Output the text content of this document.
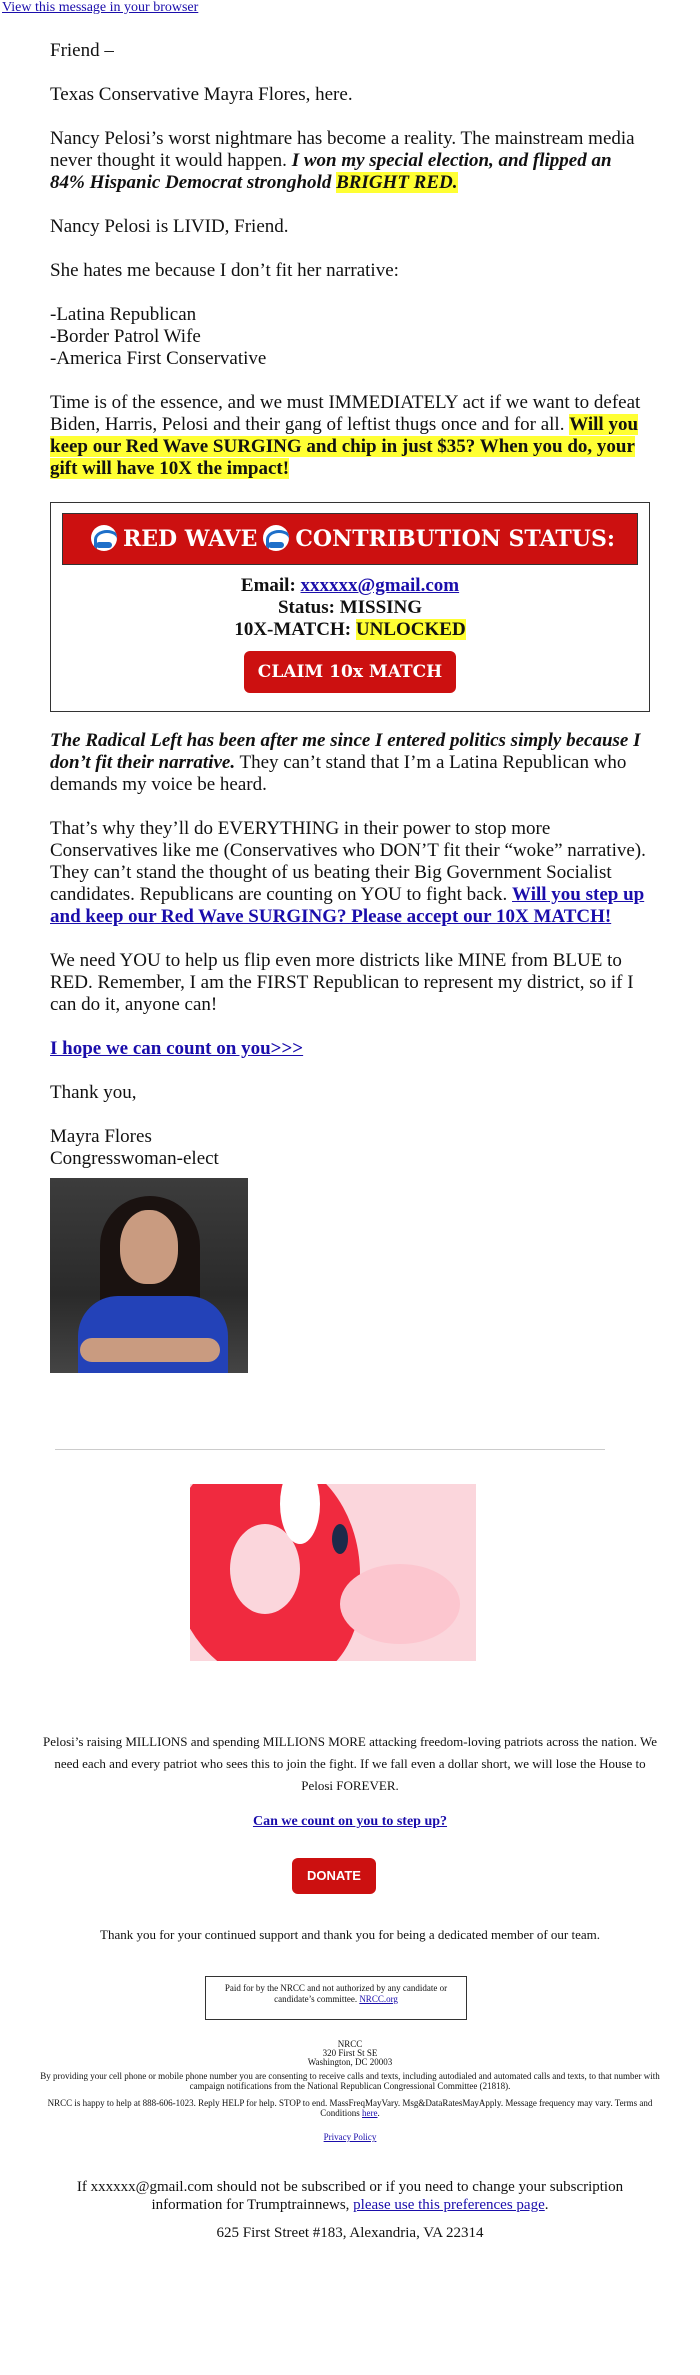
View this message in your browser

Friend –

Texas Conservative Mayra Flores, here.

Nancy Pelosi’s worst nightmare has become a reality. The mainstream media never thought it would happen. I won my special election, and flipped an 84% Hispanic Democrat stronghold BRIGHT RED.

Nancy Pelosi is LIVID, Friend.

She hates me because I don’t fit her narrative:

-Latina Republican
-Border Patrol Wife
-America First Conservative

Time is of the essence, and we must IMMEDIATELY act if we want to defeat Biden, Harris, Pelosi and their gang of leftist thugs once and for all. Will you keep our Red Wave SURGING and chip in just $35? When you do, your gift will have 10X the impact!

RED WAVE CONTRIBUTION STATUS:
Email: xxxxxx@gmail.com
Status: MISSING
10X-MATCH: UNLOCKED
CLAIM 10x MATCH

The Radical Left has been after me since I entered politics simply because I don’t fit their narrative. They can’t stand that I’m a Latina Republican who demands my voice be heard.

That’s why they’ll do EVERYTHING in their power to stop more Conservatives like me (Conservatives who DON’T fit their “woke” narrative). They can’t stand the thought of us beating their Big Government Socialist candidates. Republicans are counting on YOU to fight back. Will you step up and keep our Red Wave SURGING? Please accept our 10X MATCH!

We need YOU to help us flip even more districts like MINE from BLUE to RED. Remember, I am the FIRST Republican to represent my district, so if I can do it, anyone can!

I hope we can count on you>>>

Thank you,

Mayra Flores
Congresswoman-elect

Pelosi’s raising MILLIONS and spending MILLIONS MORE attacking freedom-loving patriots across the nation. We need each and every patriot who sees this to join the fight. If we fall even a dollar short, we will lose the House to Pelosi FOREVER.
Can we count on you to step up?
DONATE
Thank you for your continued support and thank you for being a dedicated member of our team.
Paid for by the NRCC and not authorized by any candidate or candidate’s committee. NRCC.org
NRCC
320 First St SE
Washington, DC 20003
By providing your cell phone or mobile phone number you are consenting to receive calls and texts, including autodialed and automated calls and texts, to that number with campaign notifications from the National Republican Congressional Committee (21818).
NRCC is happy to help at 888-606-1023. Reply HELP for help. STOP to end. MassFreqMayVary. Msg&DataRatesMayApply. Message frequency may vary. Terms and Conditions here.
Privacy Policy
If xxxxxx@gmail.com should not be subscribed or if you need to change your subscription information for Trumptrainnews, please use this preferences page.
625 First Street #183, Alexandria, VA 22314
